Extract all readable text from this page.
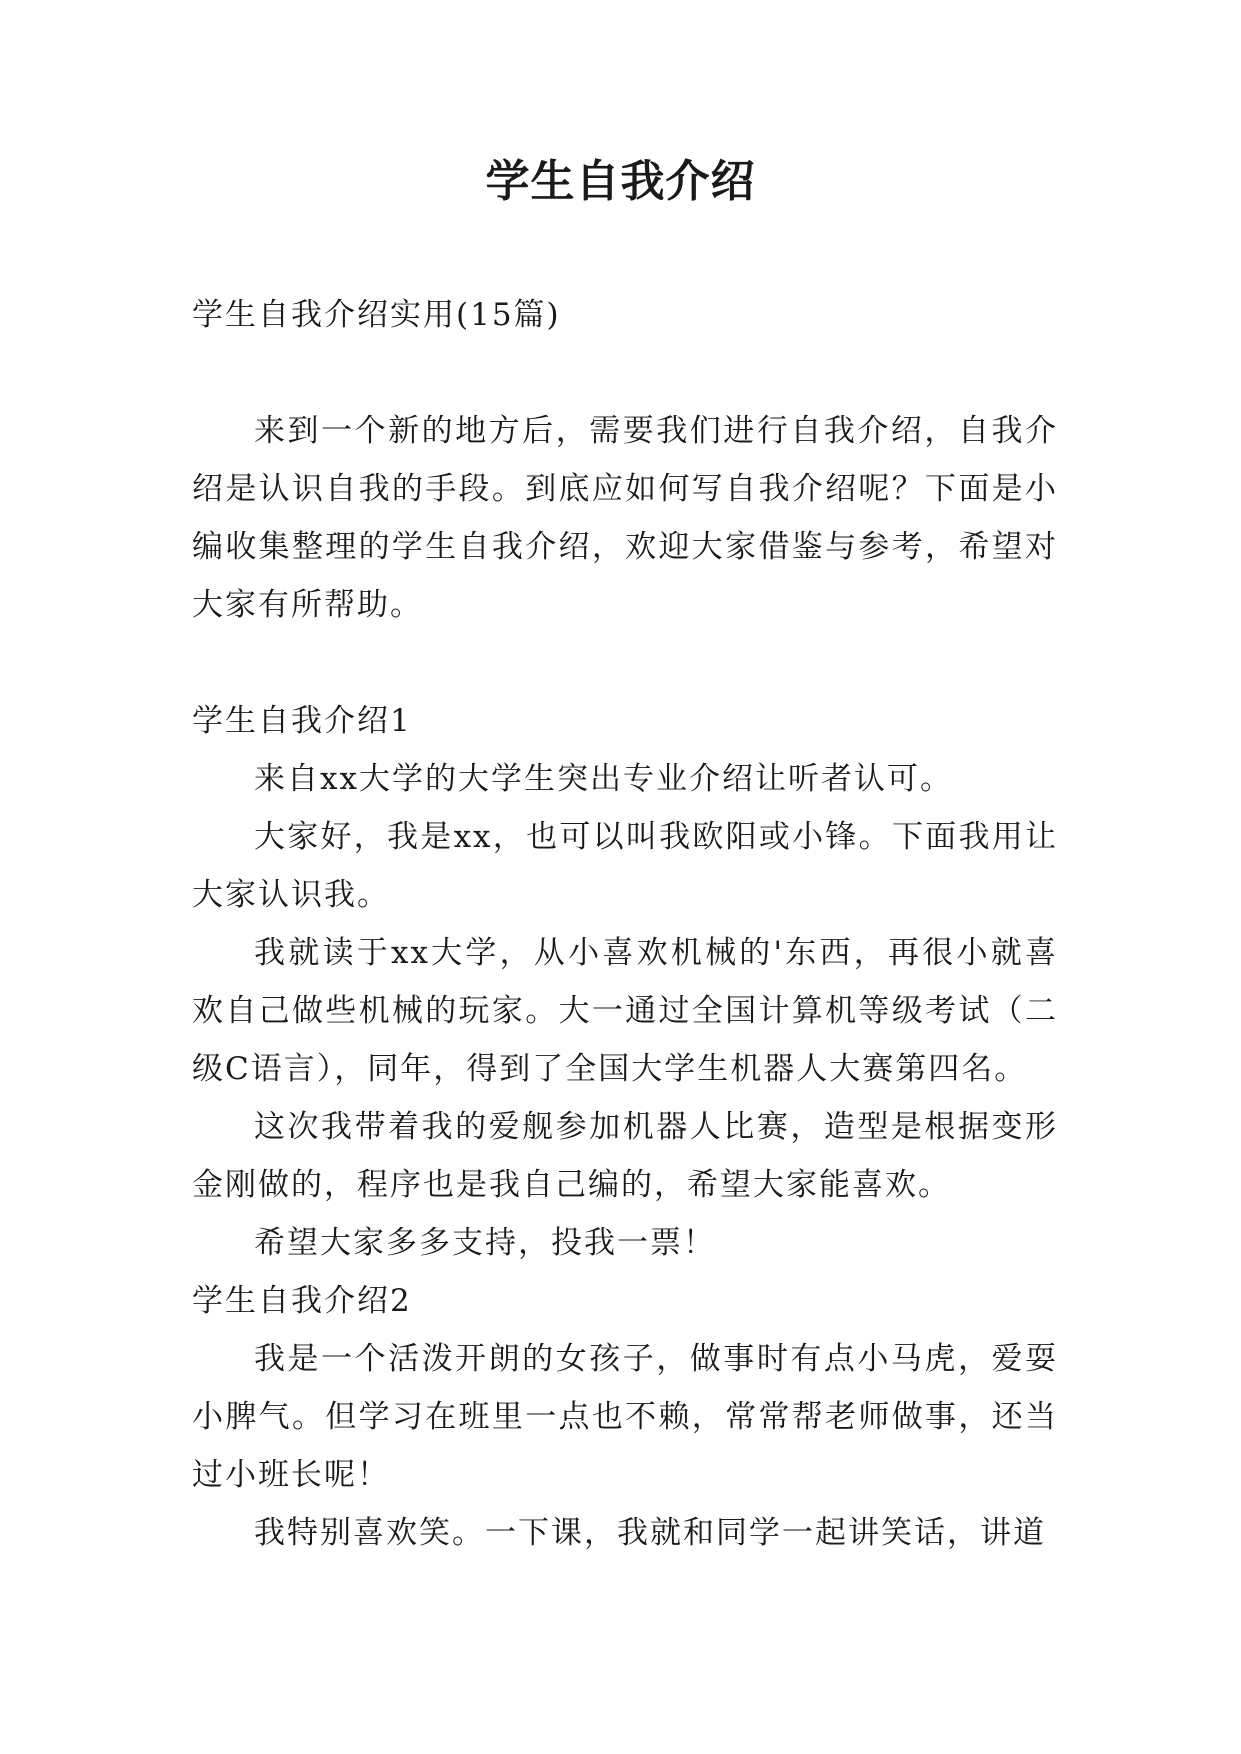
学生自我介绍

学生自我介绍实用(15篇)

来到一个新的地方后，需要我们进行自我介绍，自我介绍是认识自我的手段。到底应如何写自我介绍呢？下面是小编收集整理的学生自我介绍，欢迎大家借鉴与参考，希望对大家有所帮助。

学生自我介绍1

来自xx大学的大学生突出专业介绍让听者认可。

大家好，我是xx，也可以叫我欧阳或小锋。下面我用让大家认识我。

我就读于xx大学，从小喜欢机械的'东西，再很小就喜欢自己做些机械的玩家。大一通过全国计算机等级考试（二级C语言），同年，得到了全国大学生机器人大赛第四名。

这次我带着我的爱舰参加机器人比赛，造型是根据变形金刚做的，程序也是我自己编的，希望大家能喜欢。

希望大家多多支持，投我一票！

学生自我介绍2

我是一个活泼开朗的女孩子，做事时有点小马虎，爱耍小脾气。但学习在班里一点也不赖，常常帮老师做事，还当过小班长呢！

我特别喜欢笑。一下课，我就和同学一起讲笑话，讲道
